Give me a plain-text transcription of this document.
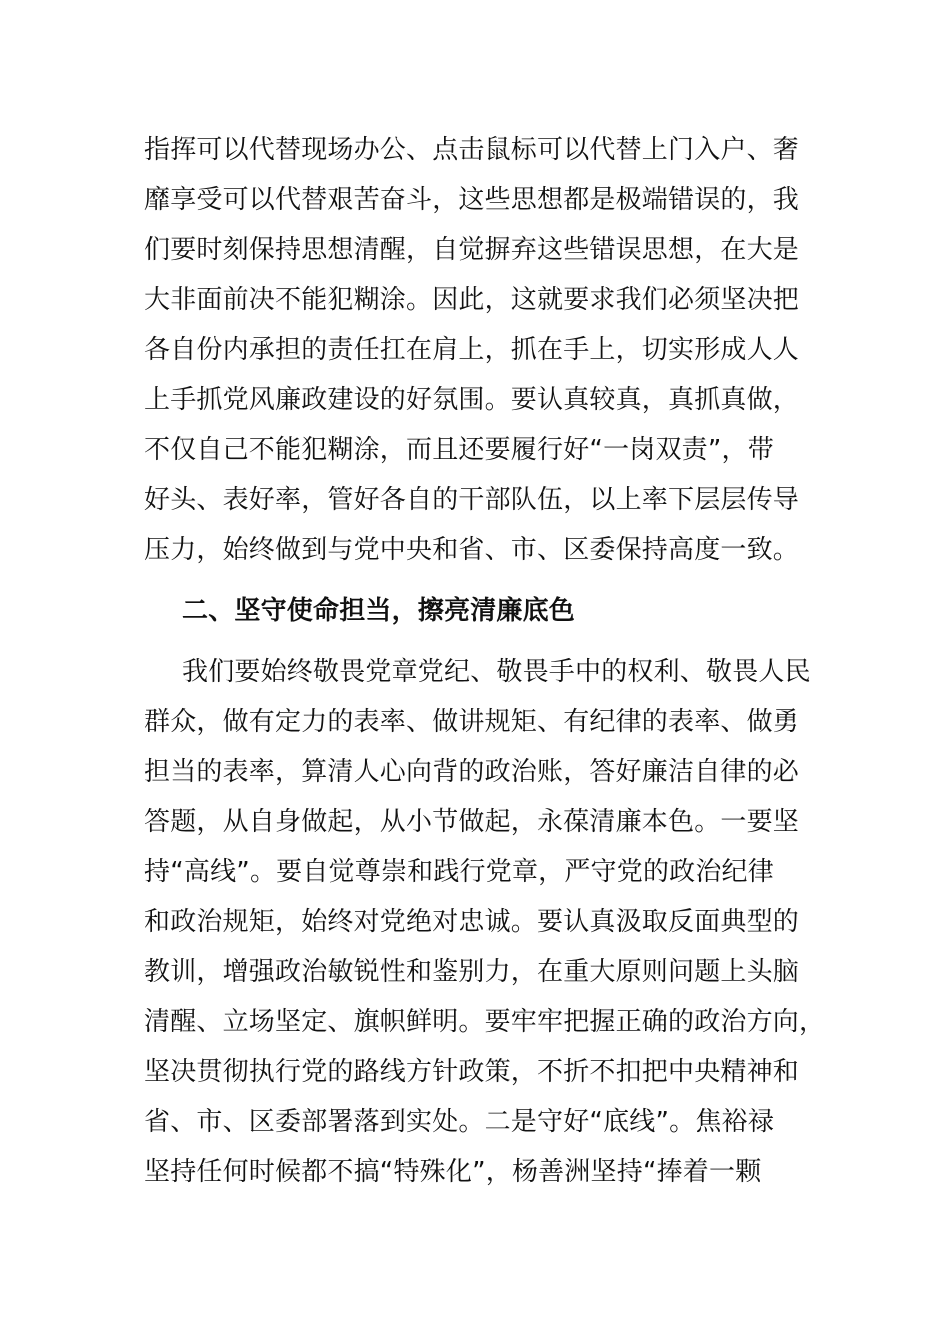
指挥可以代替现场办公、点击鼠标可以代替上门入户、奢
靡享受可以代替艰苦奋斗，这些思想都是极端错误的，我
们要时刻保持思想清醒，自觉摒弃这些错误思想，在大是
大非面前决不能犯糊涂。因此，这就要求我们必须坚决把
各自份内承担的责任扛在肩上，抓在手上，切实形成人人
上手抓党风廉政建设的好氛围。要认真较真，真抓真做，
不仅自己不能犯糊涂，而且还要履行好“一岗双责”，带
好头、表好率，管好各自的干部队伍，以上率下层层传导
压力，始终做到与党中央和省、市、区委保持高度一致。
二、坚守使命担当，擦亮清廉底色
我们要始终敬畏党章党纪、敬畏手中的权利、敬畏人民
群众，做有定力的表率、做讲规矩、有纪律的表率、做勇
担当的表率，算清人心向背的政治账，答好廉洁自律的必
答题，从自身做起，从小节做起，永葆清廉本色。一要坚
持“高线”。要自觉尊崇和践行党章，严守党的政治纪律
和政治规矩，始终对党绝对忠诚。要认真汲取反面典型的
教训，增强政治敏锐性和鉴别力，在重大原则问题上头脑
清醒、立场坚定、旗帜鲜明。要牢牢把握正确的政治方向，
坚决贯彻执行党的路线方针政策，不折不扣把中央精神和
省、市、区委部署落到实处。二是守好“底线”。焦裕禄
坚持任何时候都不搞“特殊化”，杨善洲坚持“捧着一颗
